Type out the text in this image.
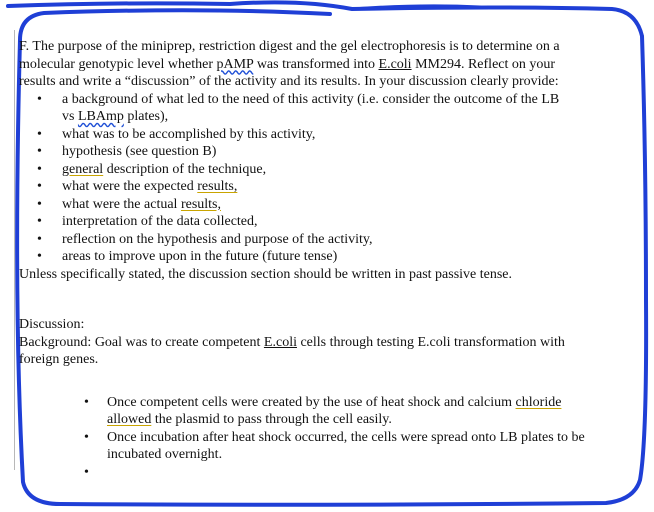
F. The purpose of the miniprep, restriction digest and the gel electrophoresis is to determine on a
molecular genotypic level whether pAMP was transformed into E.coli MM294. Reflect on your
results and write a “discussion” of the activity and its results. In your discussion clearly provide:

• a background of what led to the need of this activity (i.e. consider the outcome of the LB
vs LBAmp plates),
• what was to be accomplished by this activity,
• hypothesis (see question B)
• general description of the technique,
• what were the expected results,
• what were the actual results,
• interpretation of the data collected,
• reflection on the hypothesis and purpose of the activity,
• areas to improve upon in the future (future tense)

Unless specifically stated, the discussion section should be written in past passive tense.

Discussion:

Background: Goal was to create competent E.coli cells through testing E.coli transformation with
foreign genes.

• Once competent cells were created by the use of heat shock and calcium chloride
allowed the plasmid to pass through the cell easily.
• Once incubation after heat shock occurred, the cells were spread onto LB plates to be incubated overnight.
•
